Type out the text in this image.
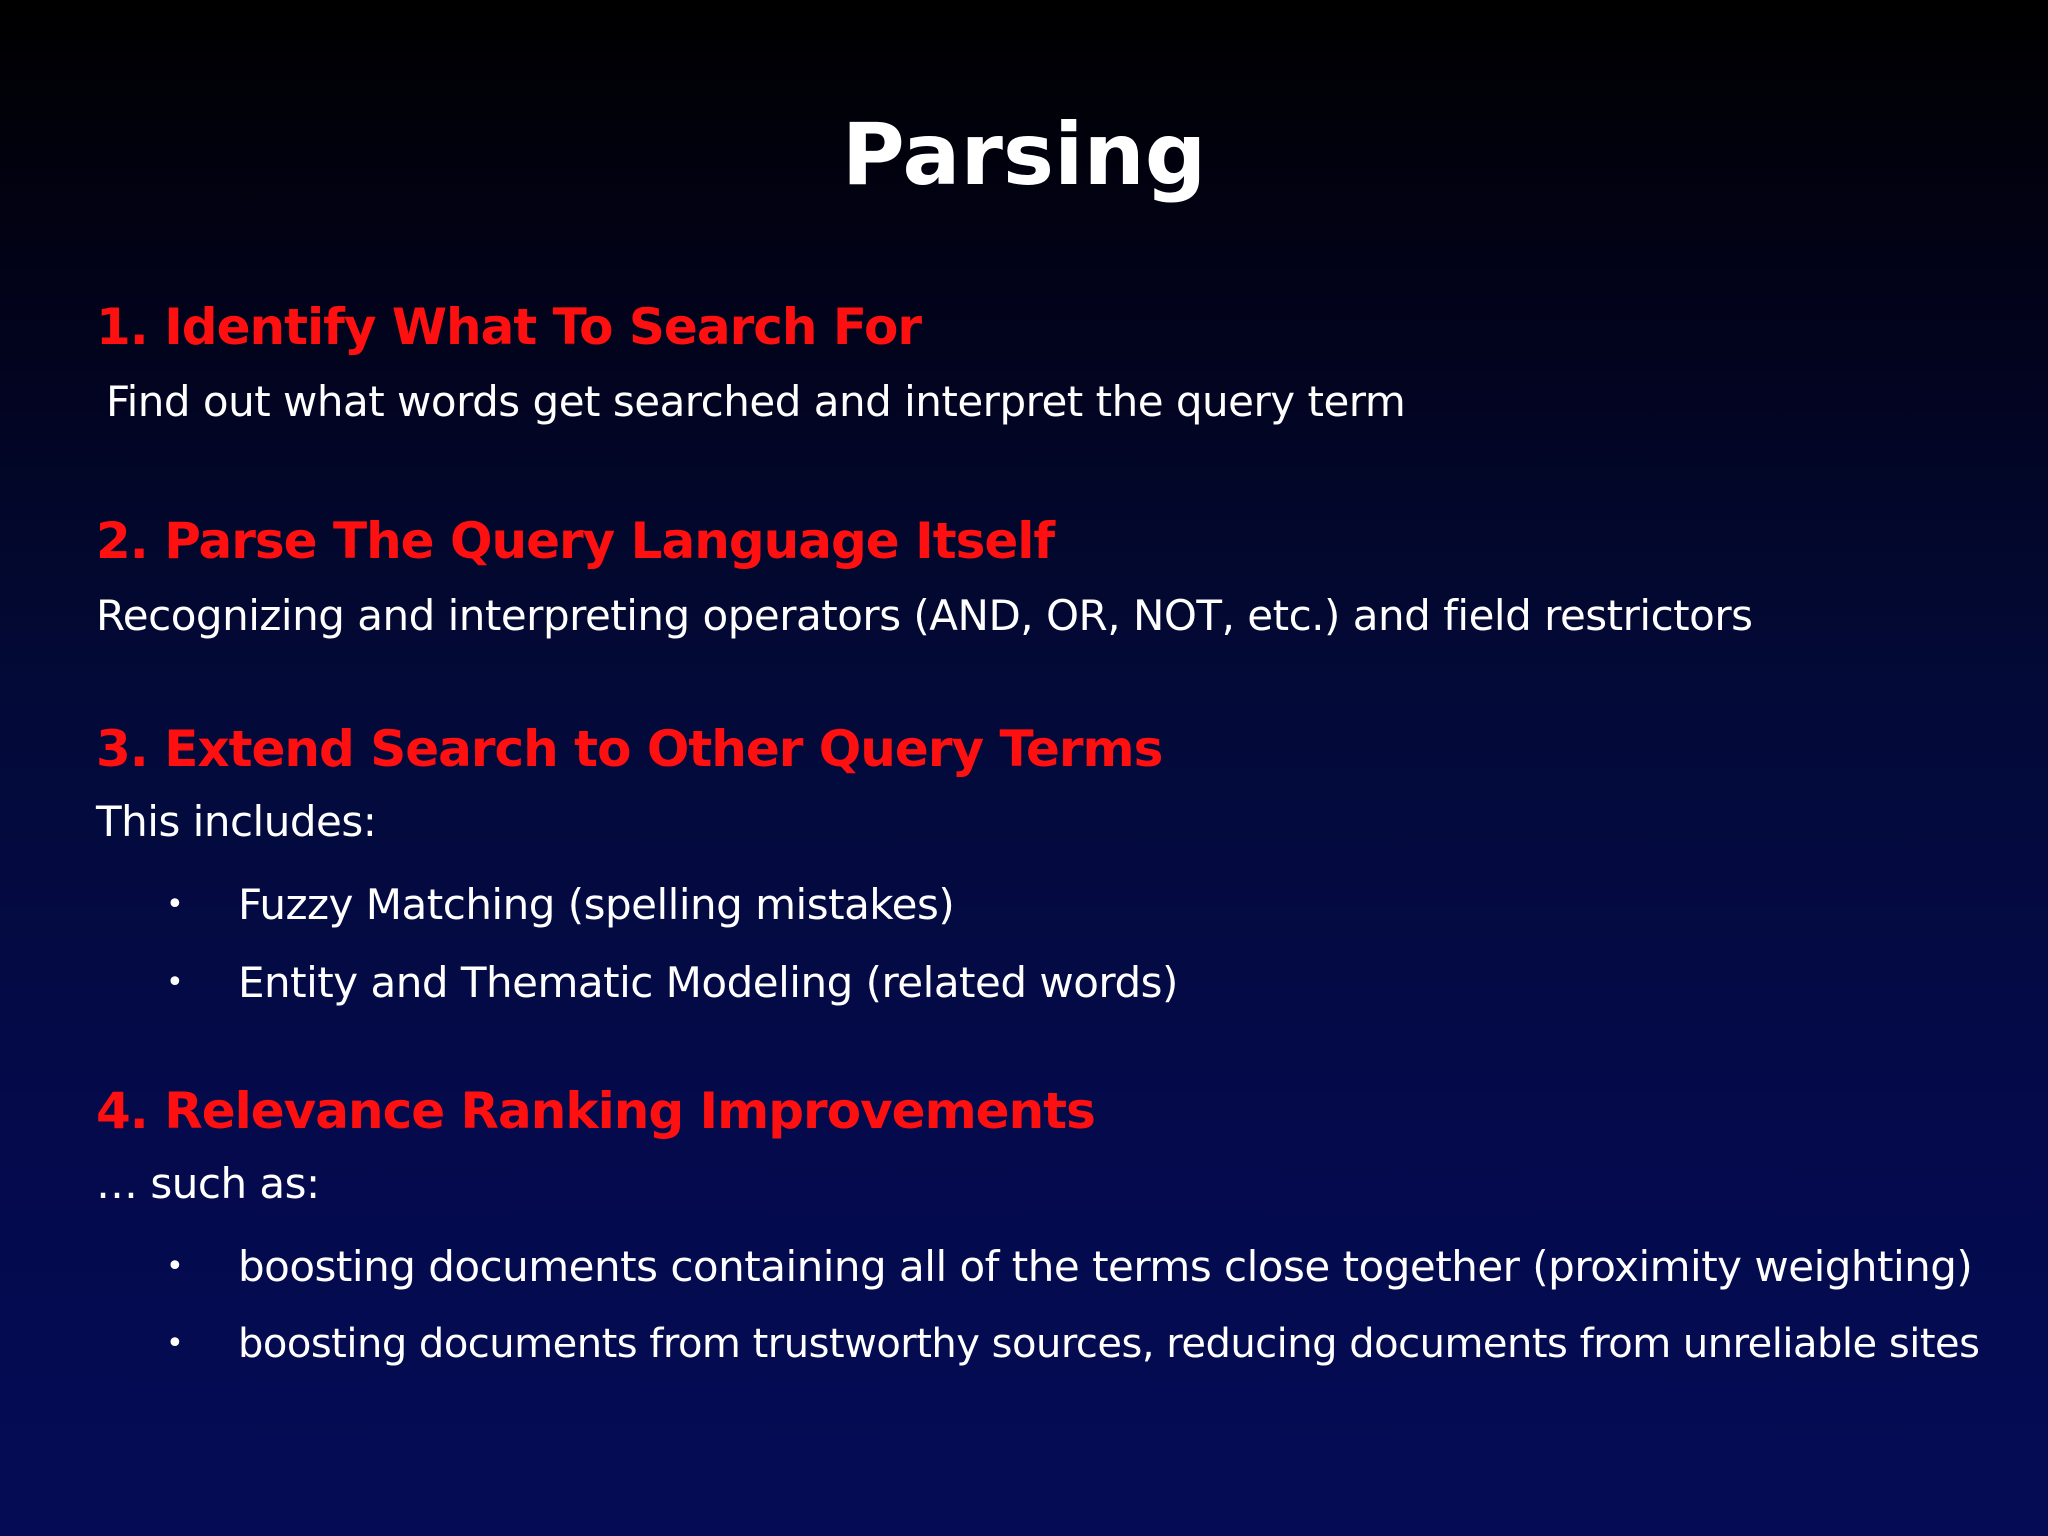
Parsing
1. Identify What To Search For
Find out what words get searched and interpret the query term
2. Parse The Query Language Itself
Recognizing and interpreting operators (AND, OR, NOT, etc.) and field restrictors
3. Extend Search to Other Query Terms
This includes:
• Fuzzy Matching (spelling mistakes)
• Entity and Thematic Modeling (related words)
4. Relevance Ranking Improvements
… such as:
• boosting documents containing all of the terms close together (proximity weighting)
• boosting documents from trustworthy sources, reducing documents from unreliable sites
